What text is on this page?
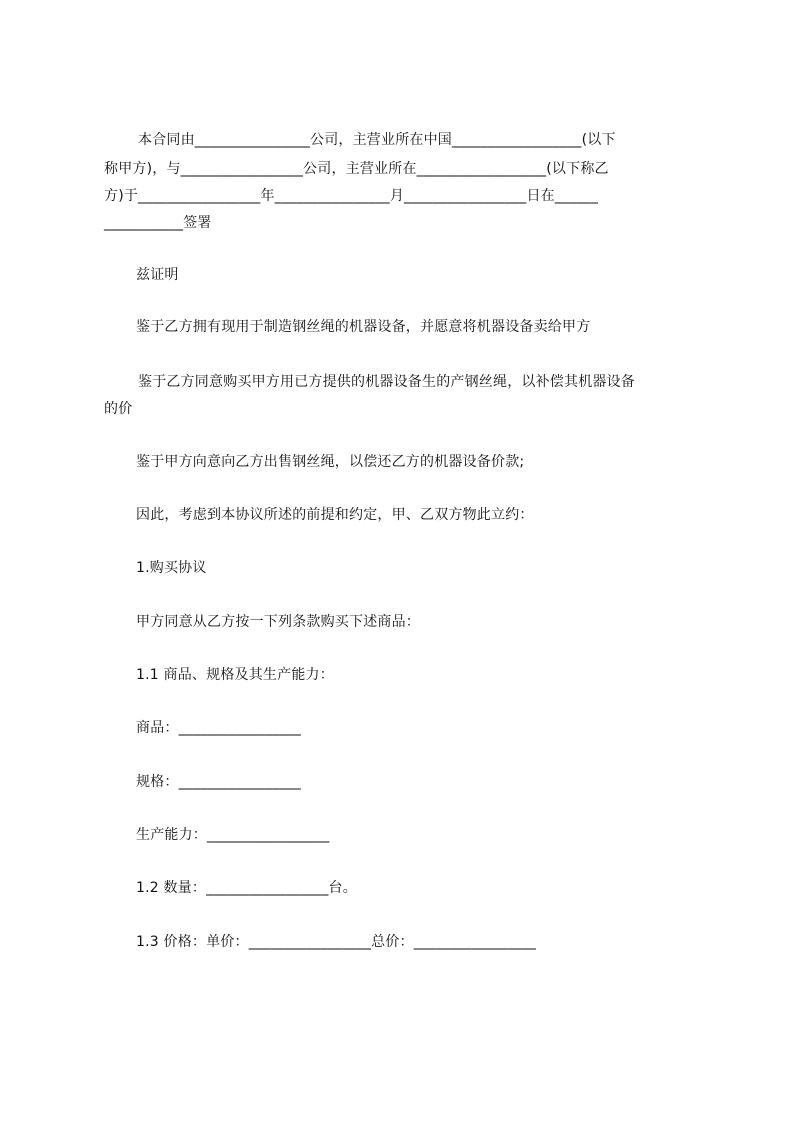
本合同由________________公司，主营业所在中国__________________(以下
称甲方)，与_________________公司，主营业所在__________________(以下称乙
方)于_________________年________________月_________________日在______
___________签署
兹证明
鉴于乙方拥有现用于制造钢丝绳的机器设备，并愿意将机器设备卖给甲方
鉴于乙方同意购买甲方用已方提供的机器设备生的产钢丝绳，以补偿其机器设备
的价
鉴于甲方向意向乙方出售钢丝绳，以偿还乙方的机器设备价款;
因此，考虑到本协议所述的前提和约定，甲、乙双方物此立约：
1.购买协议
甲方同意从乙方按一下列条款购买下述商品：
1.1 商品、规格及其生产能力：
商品：_________________
规格：_________________
生产能力：_________________
1.2 数量：_________________台。
1.3 价格：单价：_________________总价：_________________
